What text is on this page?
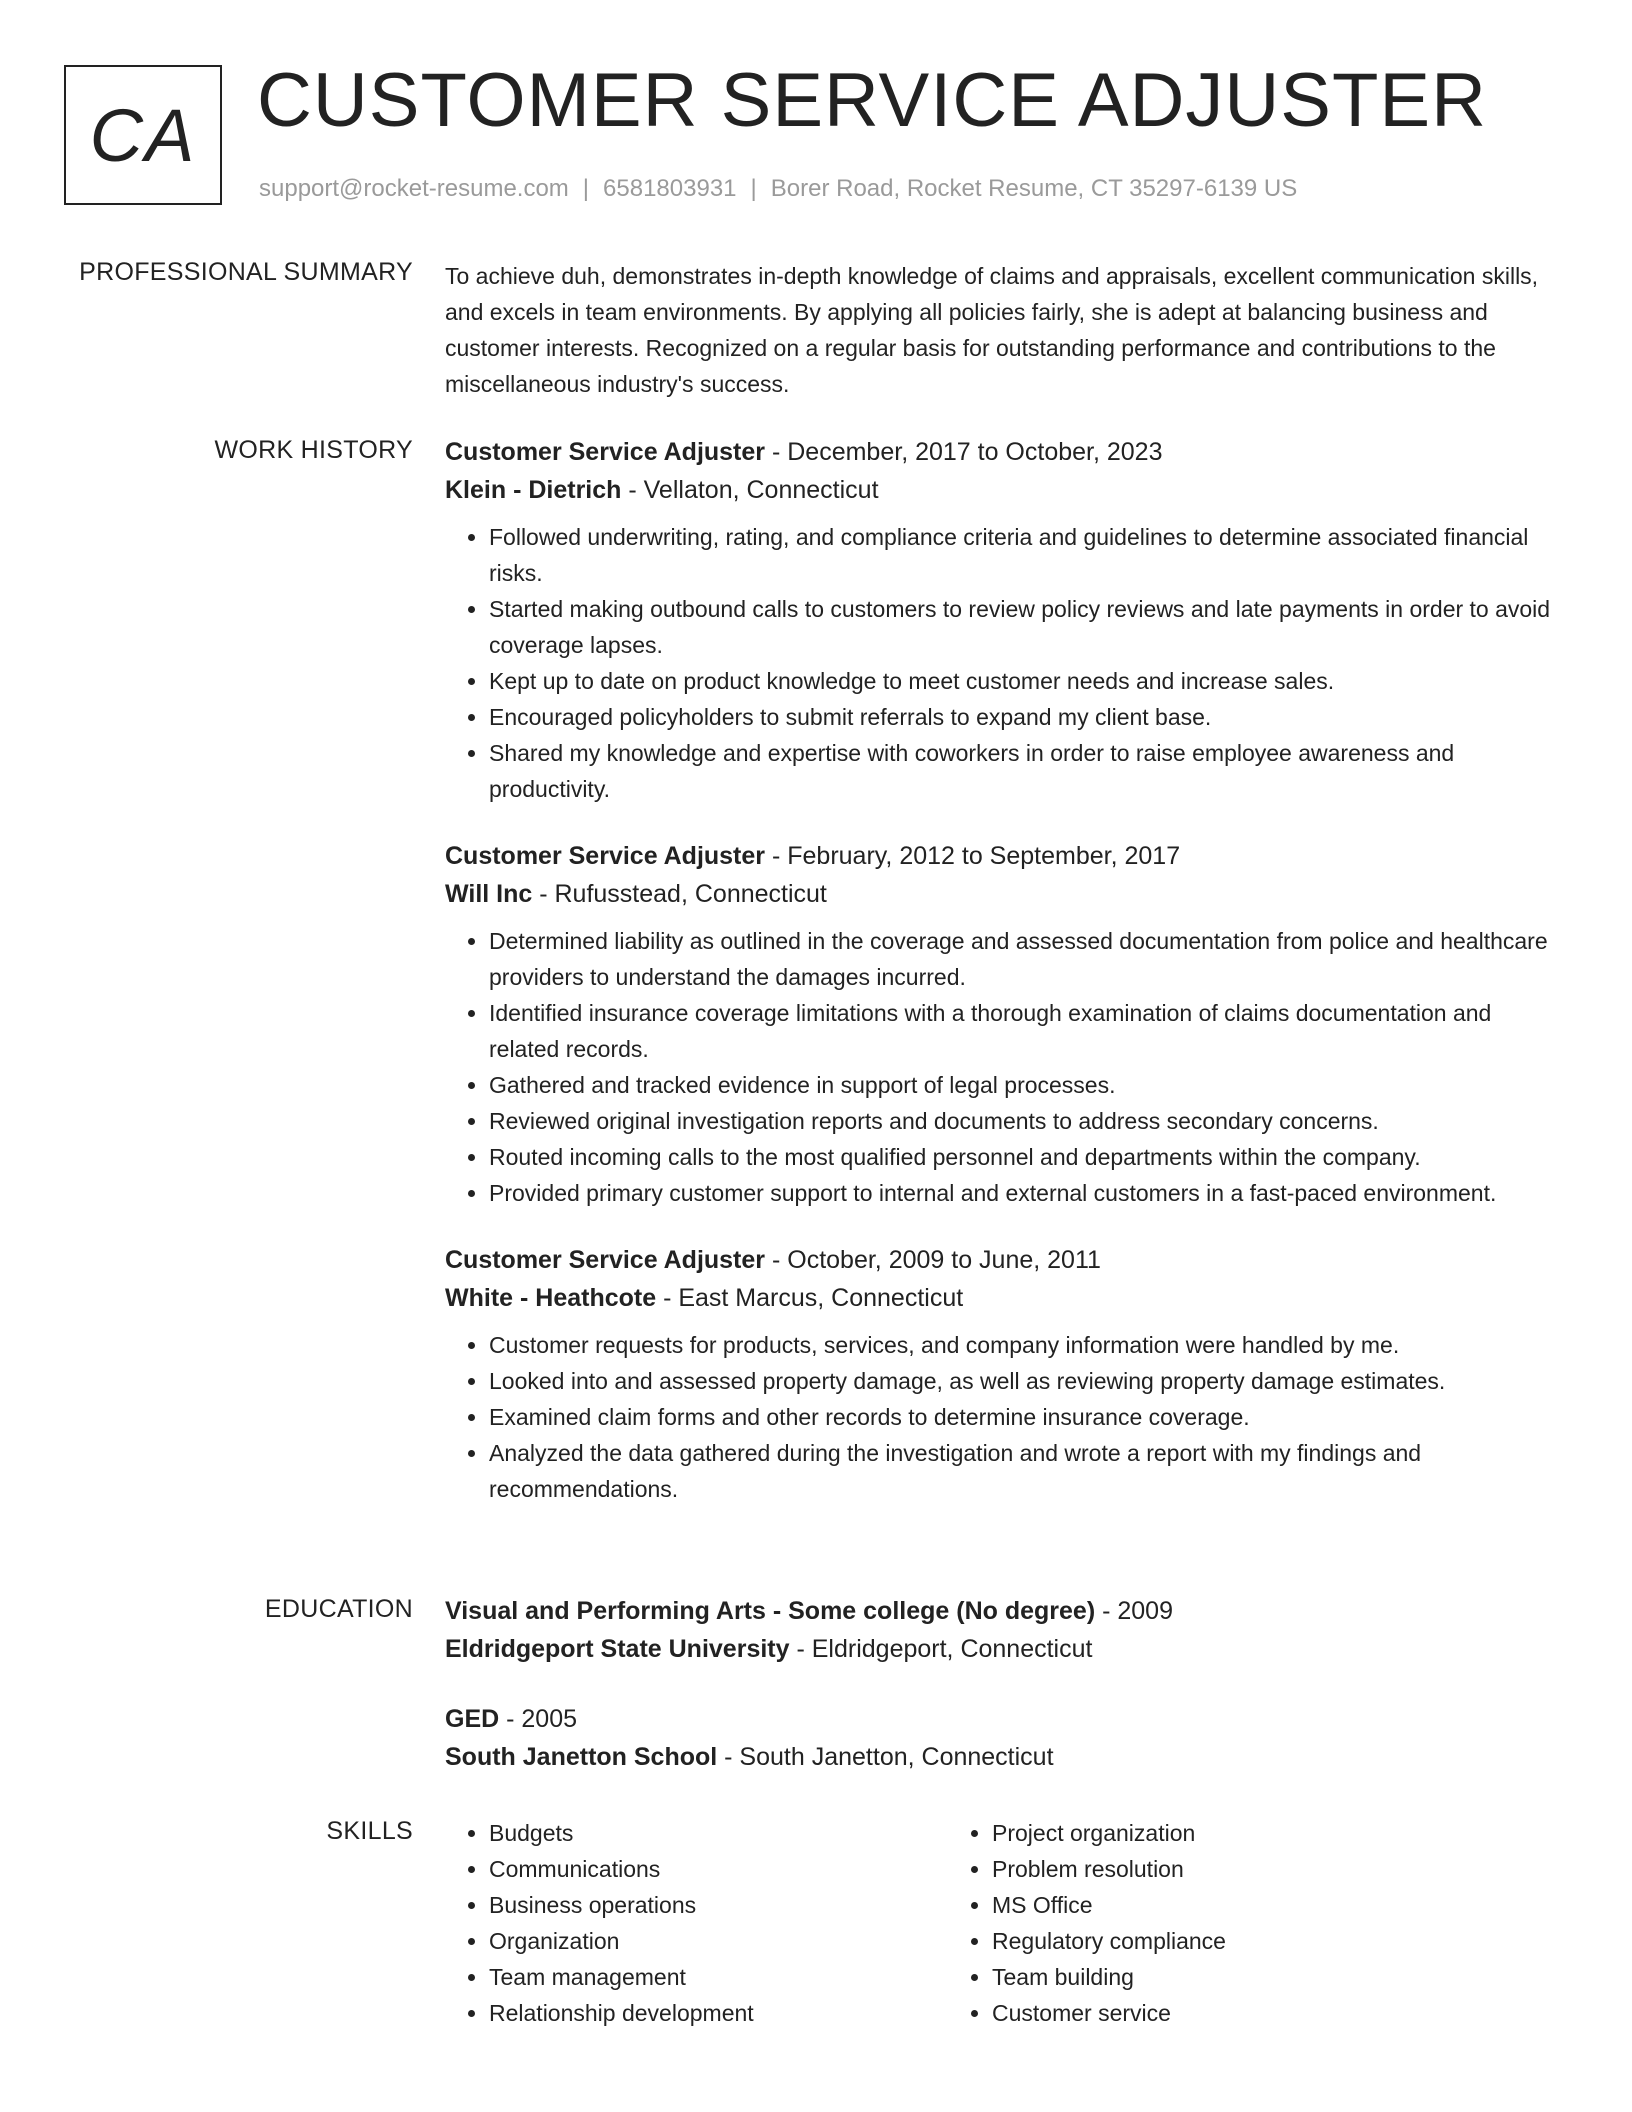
CA CUSTOMER SERVICE ADJUSTER
support@rocket-resume.com | 6581803931 | Borer Road, Rocket Resume, CT 35297-6139 US
PROFESSIONAL SUMMARY To achieve duh, demonstrates in-depth knowledge of claims and appraisals, excellent communication skills, and excels in team environments. By applying all policies fairly, she is adept at balancing business and customer interests. Recognized on a regular basis for outstanding performance and contributions to the miscellaneous industry's success.

WORK HISTORY Customer Service Adjuster - December, 2017 to October, 2023
Klein - Dietrich - Vellaton, Connecticut
• Followed underwriting, rating, and compliance criteria and guidelines to determine associated financial risks.
• Started making outbound calls to customers to review policy reviews and late payments in order to avoid coverage lapses.
• Kept up to date on product knowledge to meet customer needs and increase sales.
• Encouraged policyholders to submit referrals to expand my client base.
• Shared my knowledge and expertise with coworkers in order to raise employee awareness and productivity.
Customer Service Adjuster - February, 2012 to September, 2017
Will Inc - Rufusstead, Connecticut
• Determined liability as outlined in the coverage and assessed documentation from police and healthcare providers to understand the damages incurred.
• Identified insurance coverage limitations with a thorough examination of claims documentation and related records.
• Gathered and tracked evidence in support of legal processes.
• Reviewed original investigation reports and documents to address secondary concerns.
• Routed incoming calls to the most qualified personnel and departments within the company.
• Provided primary customer support to internal and external customers in a fast-paced environment.
Customer Service Adjuster - October, 2009 to June, 2011
White - Heathcote - East Marcus, Connecticut
• Customer requests for products, services, and company information were handled by me.
• Looked into and assessed property damage, as well as reviewing property damage estimates.
• Examined claim forms and other records to determine insurance coverage.
• Analyzed the data gathered during the investigation and wrote a report with my findings and recommendations.
EDUCATION Visual and Performing Arts - Some college (No degree) - 2009
Eldridgeport State University - Eldridgeport, Connecticut
GED - 2005
South Janetton School - South Janetton, Connecticut
SKILLS
•	Budgets
• Communications
• Business operations
• Organization
• Team management
• Relationship development
• Project organization
• Problem resolution
• MS Office
• Regulatory compliance
• Team building
• Customer service
